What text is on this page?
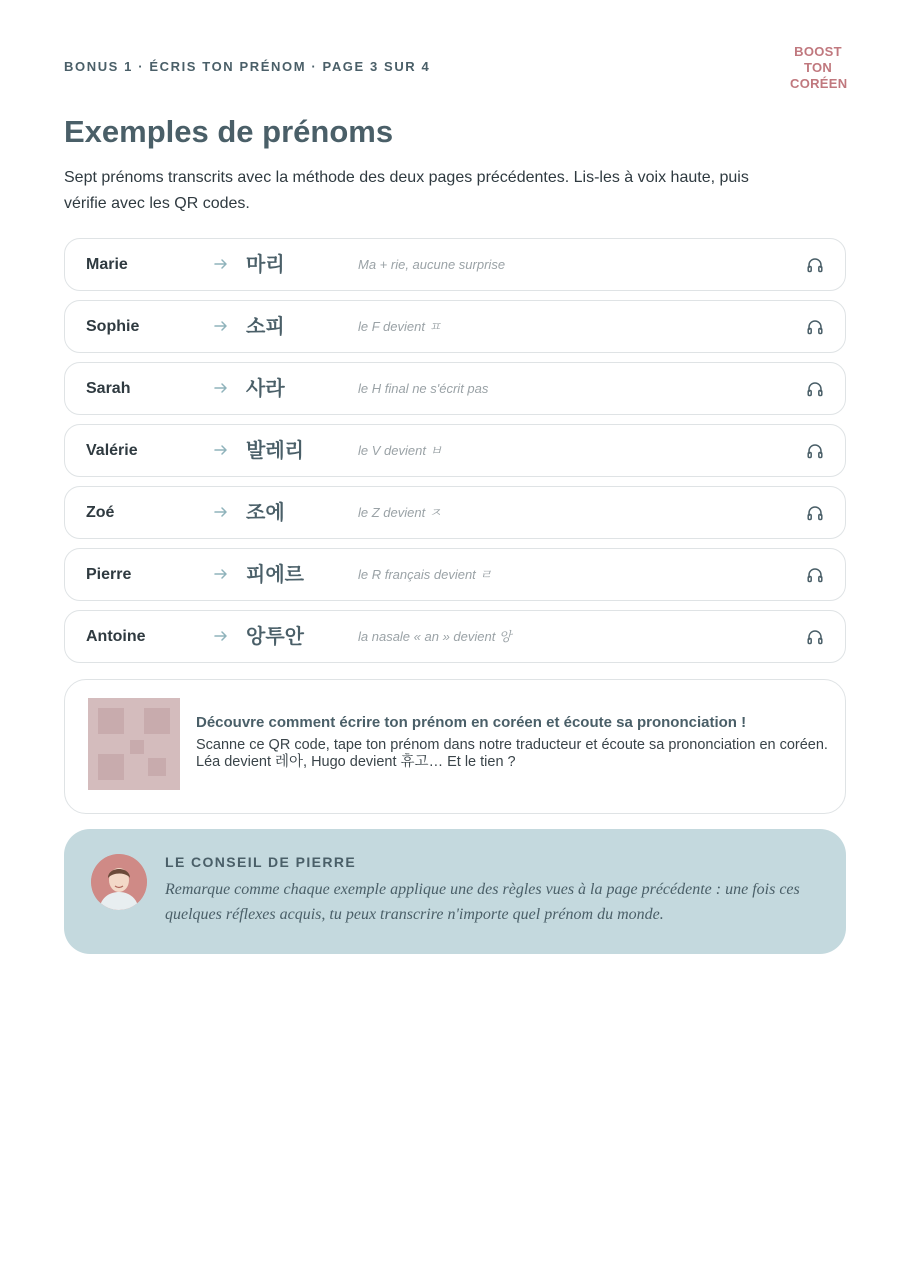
BONUS 1 · ÉCRIS TON PRÉNOM · PAGE 3 SUR 4
BOOST
TON
CORÉEN
Exemples de prénoms

Sept prénoms transcrits avec la méthode des deux pages précédentes. Lis-les à voix haute, puis vérifie avec les QR codes.

Marie	마리	Ma + rie, aucune surprise
Sophie	소피	le F devient ㅍ
Sarah	사라	le H final ne s'écrit pas
Valérie	발레리	le V devient ㅂ
Zoé	조에	le Z devient ㅈ
Pierre	피에르	le R français devient ㄹ
Antoine	앙투안	la nasale « an » devient 앙
Découvre comment écrire ton prénom en coréen et écoute sa prononciation !
Scanne ce QR code, tape ton prénom dans notre traducteur et écoute sa prononciation en coréen. Léa devient 레아, Hugo devient 휴고… Et le tien ?
LE CONSEIL DE PIERRE
Remarque comme chaque exemple applique une des règles vues à la page précédente : une fois ces quelques réflexes acquis, tu peux transcrire n'importe quel prénom du monde.
